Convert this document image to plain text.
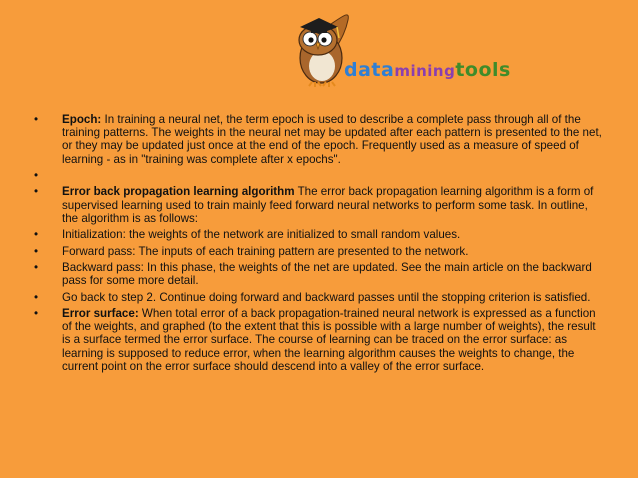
dataminingtools
• Epoch: In training a neural net, the term epoch is used to describe a complete pass through all of the training patterns. The weights in the neural net may be updated after each pattern is presented to the net, or they may be updated just once at the end of the epoch. Frequently used as a measure of speed of learning - as in "training was complete after x epochs".
•

• Error back propagation learning algorithm The error back propagation learning algorithm is a form of supervised learning used to train mainly feed forward neural networks to perform some task. In outline, the algorithm is as follows:
• Initialization: the weights of the network are initialized to small random values.
• Forward pass: The inputs of each training pattern are presented to the network.
• Backward pass: In this phase, the weights of the net are updated. See the main article on the backward pass for some more detail.
• Go back to step 2. Continue doing forward and backward passes until the stopping criterion is satisfied.
• Error surface: When total error of a back propagation-trained neural network is expressed as a function of the weights, and graphed (to the extent that this is possible with a large number of weights), the result is a surface termed the error surface. The course of learning can be traced on the error surface: as learning is supposed to reduce error, when the learning algorithm causes the weights to change, the current point on the error surface should descend into a valley of the error surface.
